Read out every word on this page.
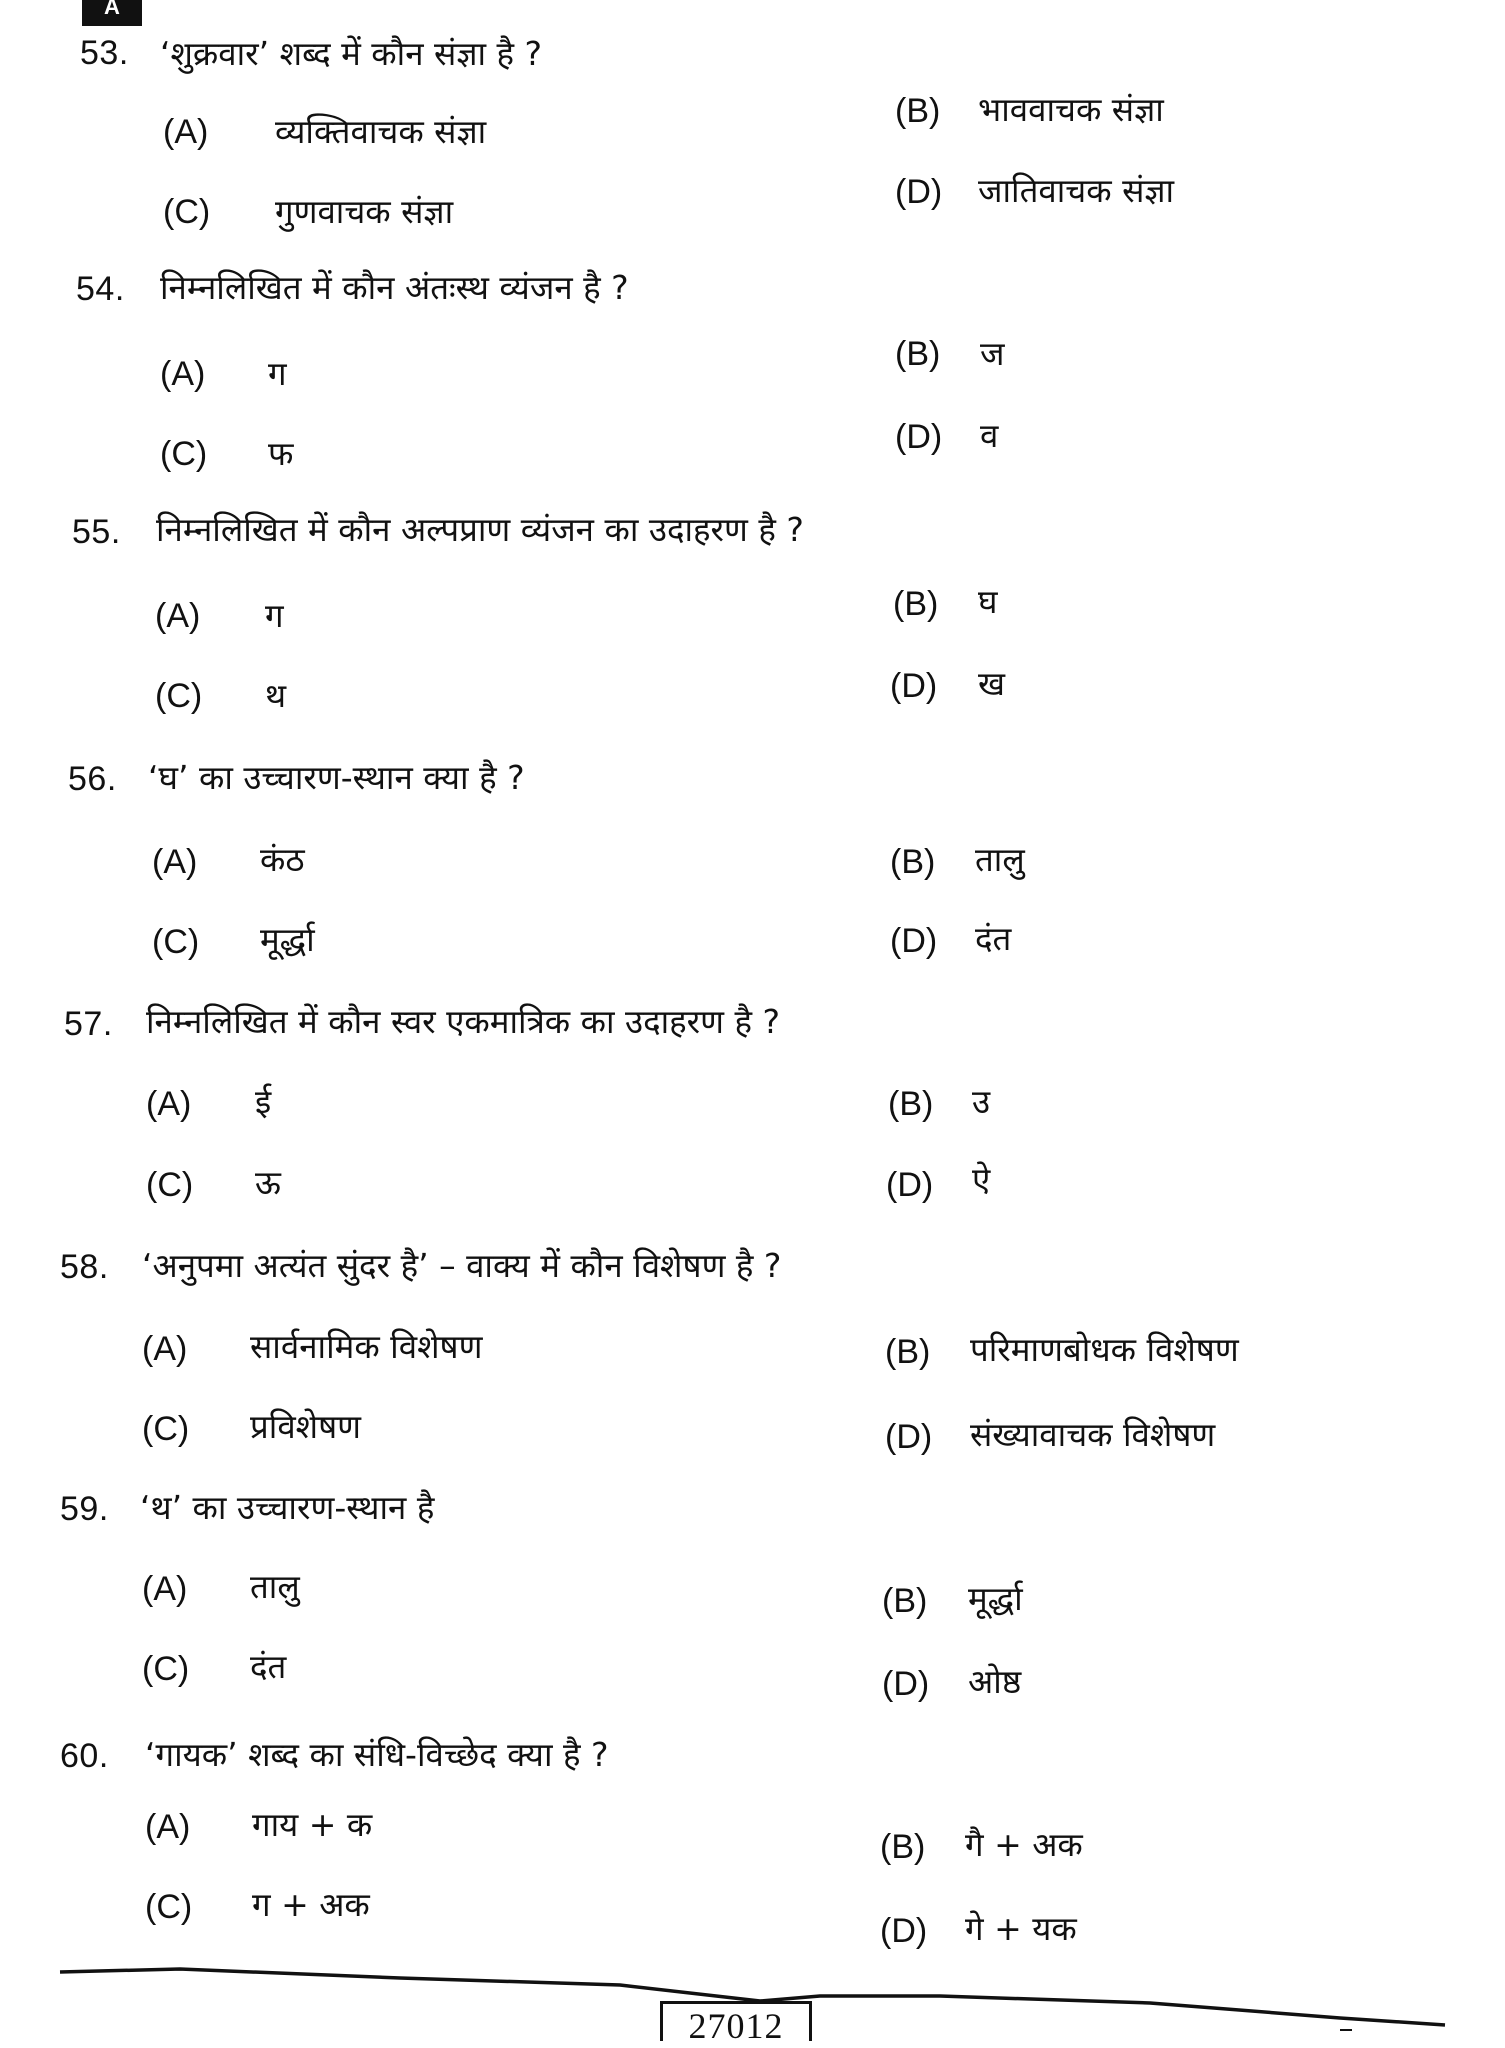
A
53. ‘शुक्रवार’ शब्द में कौन संज्ञा है ?
(A) व्यक्तिवाचक संज्ञा
(B) भाववाचक संज्ञा
(C) गुणवाचक संज्ञा	(D) जातिवाचक संज्ञा
54. निम्नलिखित में कौन अंतःस्थ व्यंजन है ?
(A) ग	(B) ज
(C) फ	(D) व
55. निम्नलिखित में कौन अल्पप्राण व्यंजन का उदाहरण है ?
(A) ग	(B) घ
(C) थ	(D) ख
56. ‘घ’ का उच्चारण-स्थान क्या है ?
(A) कंठ	(B) तालु
(C) मूर्द्धा	(D) दंत
57. निम्नलिखित में कौन स्वर एकमात्रिक का उदाहरण है ?
(A) ई	(B) उ
(C) ऊ	(D) ऐ
58. ‘अनुपमा अत्यंत सुंदर है’ – वाक्य में कौन विशेषण है ?
(A) सार्वनामिक विशेषण	(B) परिमाणबोधक विशेषण
(C) प्रविशेषण	(D) संख्यावाचक विशेषण
59. ‘थ’ का उच्चारण-स्थान है
(A) तालु	(B) मूर्द्धा
(C) दंत	(D) ओष्ठ
60. ‘गायक’ शब्द का संधि-विच्छेद क्या है ?
(A) गाय + क
(B) गै + अक
(C) ग + अक
(D) गे + यक
27012
